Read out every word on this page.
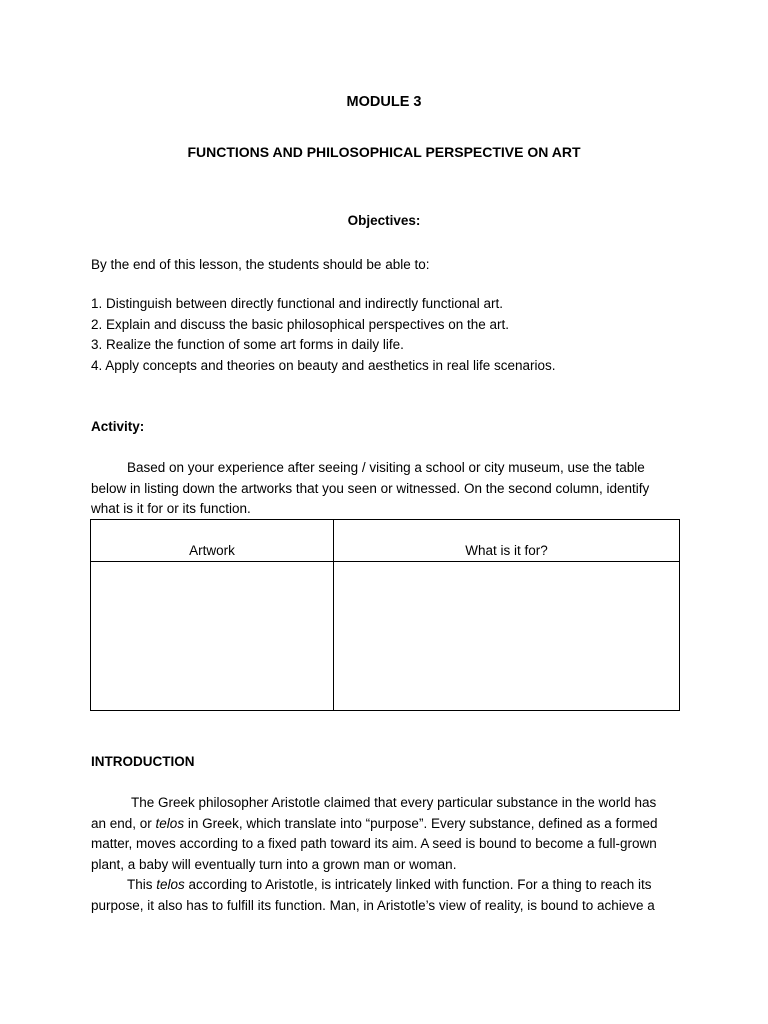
MODULE 3
FUNCTIONS AND PHILOSOPHICAL PERSPECTIVE ON ART
Objectives:
By the end of this lesson, the students should be able to:
1. Distinguish between directly functional and indirectly functional art.
2. Explain and discuss the basic philosophical perspectives on the art.
3. Realize the function of some art forms in daily life.
4. Apply concepts and theories on beauty and aesthetics in real life scenarios.
Activity:
Based on your experience after seeing / visiting a school or city museum, use the table
below in listing down the artworks that you seen or witnessed. On the second column, identify
what is it for or its function.
Artwork	What is it for?

INTRODUCTION
The Greek philosopher Aristotle claimed that every particular substance in the world has
an end, or telos in Greek, which translate into “purpose”. Every substance, defined as a formed
matter, moves according to a fixed path toward its aim. A seed is bound to become a full-grown
plant, a baby will eventually turn into a grown man or woman.
This telos according to Aristotle, is intricately linked with function. For a thing to reach its
purpose, it also has to fulfill its function. Man, in Aristotle’s view of reality, is bound to achieve a
